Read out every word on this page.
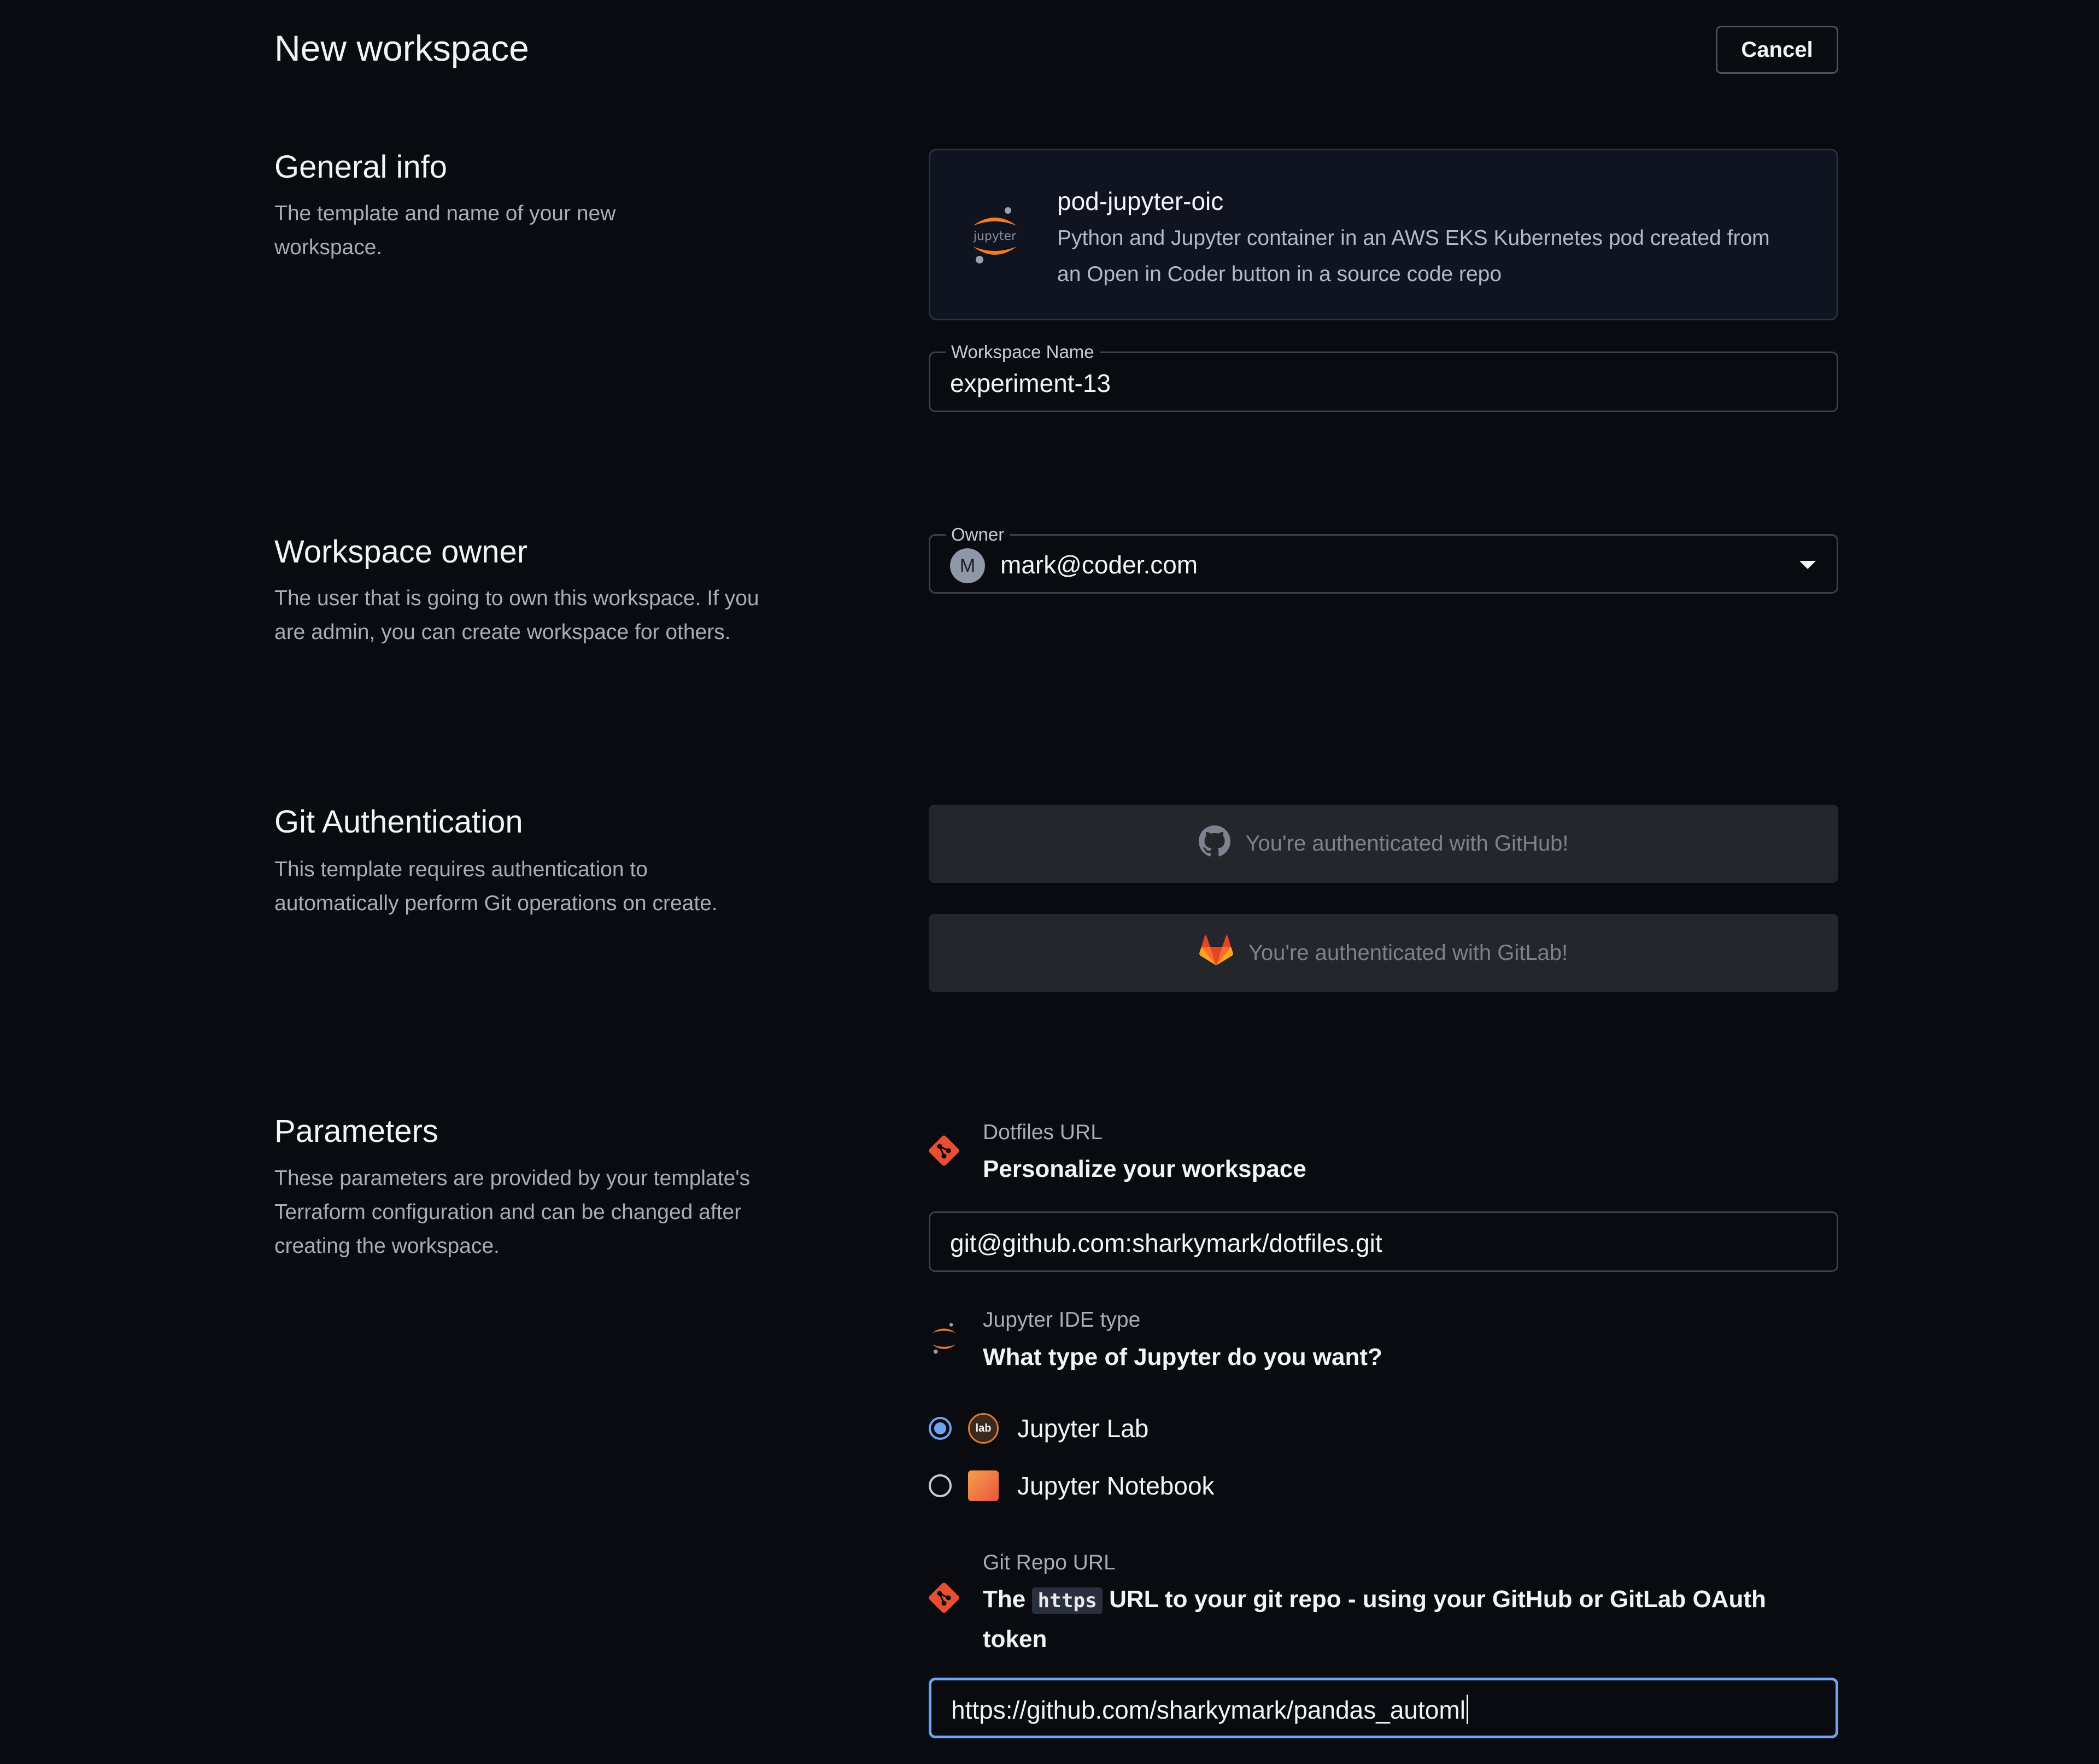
New workspace	Cancel
General info
The template and name of your new workspace.	jupyter
pod-jupyter-oic
Python and Jupyter container in an AWS EKS Kubernetes pod created from an Open in Coder button in a source code repo
Workspace Name
experiment-13
Workspace owner
The user that is going to own this workspace. If you are admin, you can create workspace for others.
Owner
M mark@coder.com
Git Authentication
This template requires authentication to automatically perform Git operations on create.
You're authenticated with GitHub!
You're authenticated with GitLab!
Parameters
These parameters are provided by your template's Terraform configuration and can be changed after creating the workspace.
Dotfiles URL
Personalize your workspace
git@github.com:sharkymark/dotfiles.git
Jupyter IDE type
What type of Jupyter do you want?
lab Jupyter Lab
Jupyter Notebook
Git Repo URL
The https URL to your git repo - using your GitHub or GitLab OAuth token
https://github.com/sharkymark/pandas_automl
